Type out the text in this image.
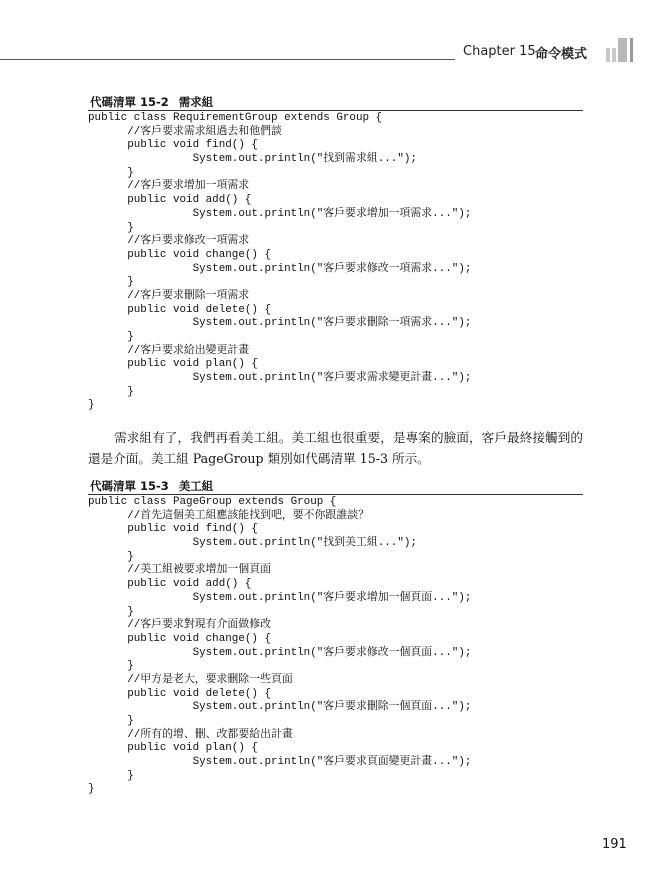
Chapter 15 命令模式
代碼清單 15-2 需求組
public class RequirementGroup extends Group {
//客戶要求需求組過去和他們談
public void find() {
System.out.println("找到需求組...");
}
//客戶要求增加一項需求
public void add() {
System.out.println("客戶要求增加一項需求...");
}
//客戶要求修改一項需求
public void change() {
System.out.println("客戶要求修改一項需求...");
}
//客戶要求刪除一項需求
public void delete() {
System.out.println("客戶要求刪除一項需求...");
}
//客戶要求給出變更計畫
public void plan() {
System.out.println("客戶要求需求變更計畫...");
}
}
需求組有了，我們再看美工組。美工組也很重要，是專案的臉面，客戶最終接觸到的還是介面。美工組 PageGroup 類別如代碼清單 15-3 所示。
代碼清單 15-3 美工組
public class PageGroup extends Group {
//首先這個美工組應該能找到吧，要不你跟誰談？
public void find() {
System.out.println("找到美工組...");
}
//美工組被要求增加一個頁面
public void add() {
System.out.println("客戶要求增加一個頁面...");
}
//客戶要求對現有介面做修改
public void change() {
System.out.println("客戶要求修改一個頁面...");
}
//甲方是老大，要求刪除一些頁面
public void delete() {
System.out.println("客戶要求刪除一個頁面...");
}
//所有的增、刪、改都要給出計畫
public void plan() {
System.out.println("客戶要求頁面變更計畫...");
}
}
191
